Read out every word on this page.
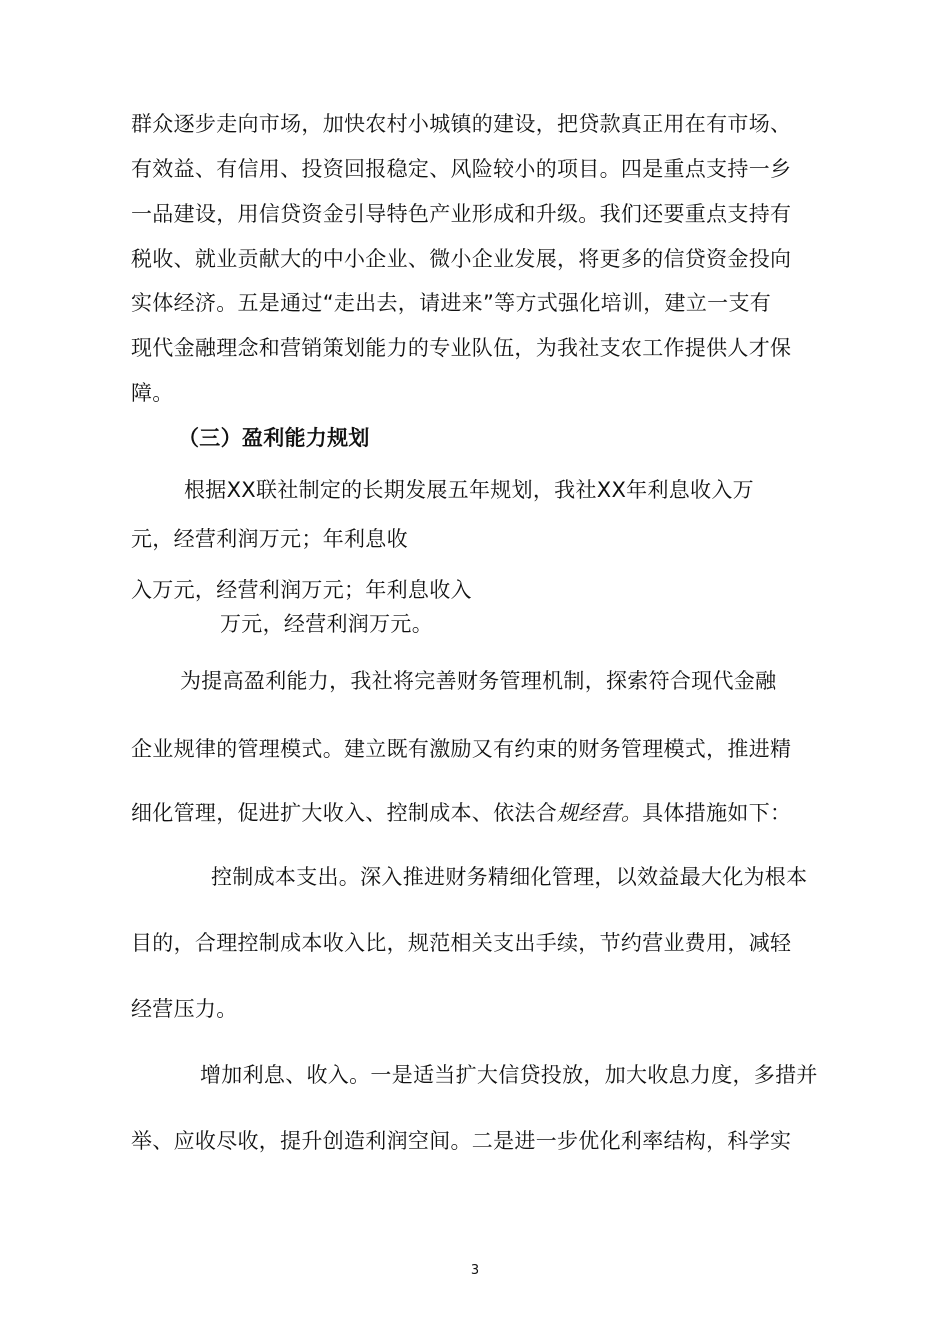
群众逐步走向市场，加快农村小城镇的建设，把贷款真正用在有市场、
有效益、有信用、投资回报稳定、风险较小的项目。四是重点支持一乡
一品建设，用信贷资金引导特色产业形成和升级。我们还要重点支持有
税收、就业贡献大的中小企业、微小企业发展，将更多的信贷资金投向
实体经济。五是通过“走出去，请进来”等方式强化培训，建立一支有
现代金融理念和营销策划能力的专业队伍，为我社支农工作提供人才保
障。
（三）盈利能力规划
根据XX联社制定的长期发展五年规划，我社XX年利息收入万
元，经营利润万元；年利息收
入万元，经营利润万元；年利息收入
万元，经营利润万元。
为提高盈利能力，我社将完善财务管理机制，探索符合现代金融
企业规律的管理模式。建立既有激励又有约束的财务管理模式，推进精
细化管理，促进扩大收入、控制成本、依法合规经营。具体措施如下：
控制成本支出。深入推进财务精细化管理，以效益最大化为根本
目的，合理控制成本收入比，规范相关支出手续，节约营业费用，减轻
经营压力。
增加利息、收入。一是适当扩大信贷投放，加大收息力度，多措并
举、应收尽收，提升创造利润空间。二是进一步优化利率结构，科学实
3
